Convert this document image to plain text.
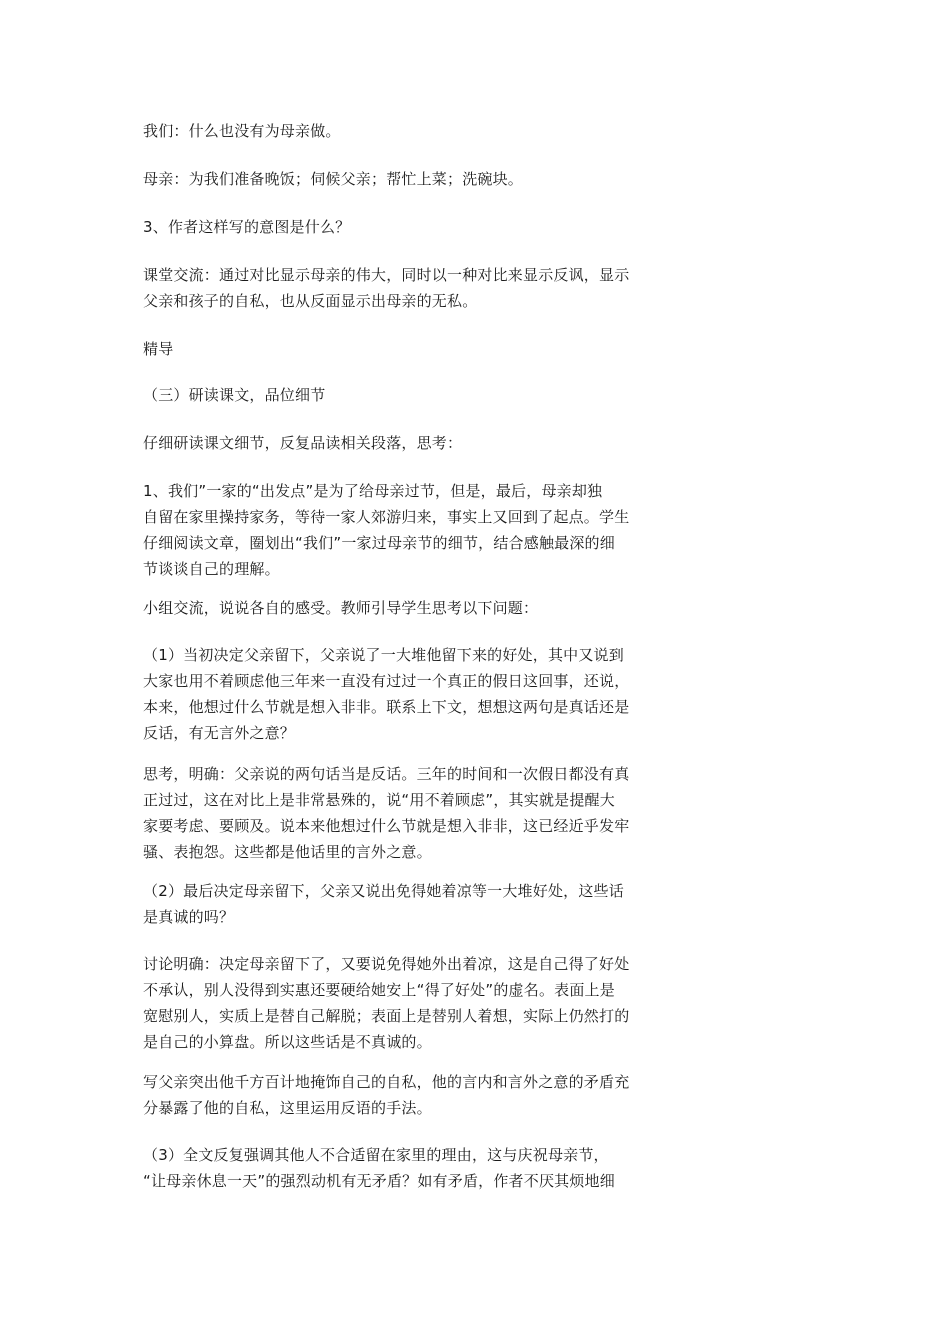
我们：什么也没有为母亲做。

母亲：为我们准备晚饭；伺候父亲；帮忙上菜；洗碗块。

3、作者这样写的意图是什么？

课堂交流：通过对比显示母亲的伟大，同时以一种对比来显示反讽，显示
父亲和孩子的自私，也从反面显示出母亲的无私。

精导

（三）研读课文，品位细节

仔细研读课文细节，反复品读相关段落，思考：

1、我们”一家的“出发点”是为了给母亲过节，但是，最后，母亲却独
自留在家里操持家务，等待一家人郊游归来，事实上又回到了起点。学生
仔细阅读文章，圈划出“我们”一家过母亲节的细节，结合感触最深的细
节谈谈自己的理解。

小组交流，说说各自的感受。教师引导学生思考以下问题：

（1）当初决定父亲留下，父亲说了一大堆他留下来的好处，其中又说到
大家也用不着顾虑他三年来一直没有过过一个真正的假日这回事，还说，
本来，他想过什么节就是想入非非。联系上下文，想想这两句是真话还是
反话，有无言外之意？

思考，明确：父亲说的两句话当是反话。三年的时间和一次假日都没有真
正过过，这在对比上是非常悬殊的，说“用不着顾虑”，其实就是提醒大
家要考虑、要顾及。说本来他想过什么节就是想入非非，这已经近乎发牢
骚、表抱怨。这些都是他话里的言外之意。

（2）最后决定母亲留下，父亲又说出免得她着凉等一大堆好处，这些话
是真诚的吗？

讨论明确：决定母亲留下了，又要说免得她外出着凉，这是自己得了好处
不承认，别人没得到实惠还要硬给她安上“得了好处”的虚名。表面上是
宽慰别人，实质上是替自己解脱；表面上是替别人着想，实际上仍然打的
是自己的小算盘。所以这些话是不真诚的。

写父亲突出他千方百计地掩饰自己的自私，他的言内和言外之意的矛盾充
分暴露了他的自私，这里运用反语的手法。

（3）全文反复强调其他人不合适留在家里的理由，这与庆祝母亲节，
“让母亲休息一天”的强烈动机有无矛盾？如有矛盾，作者不厌其烦地细
